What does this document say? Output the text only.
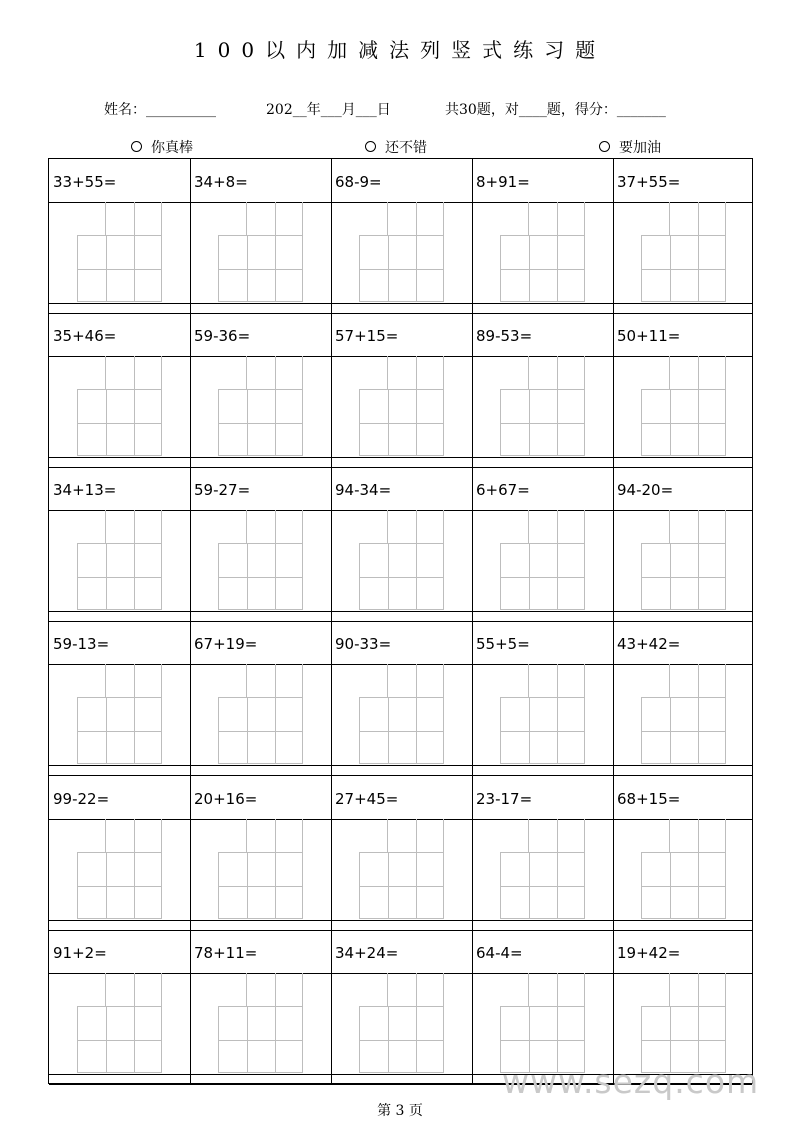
100以内加减法列竖式练习题
姓名：__________	202__年___月___日	共30题，对____题，得分：_______
你真棒	还不错	要加油
33+55=	34+8=	68-9=	8+91=	37+55=
35+46=	59-36=	57+15=	89-53=	50+11=
34+13=	59-27=	94-34=	6+67=	94-20=
59-13=	67+19=	90-33=	55+5=	43+42=
99-22=	20+16=	27+45=	23-17=	68+15=
91+2=	78+11=	34+24=	64-4=	19+42=
第 3 页
www.sezq.com
